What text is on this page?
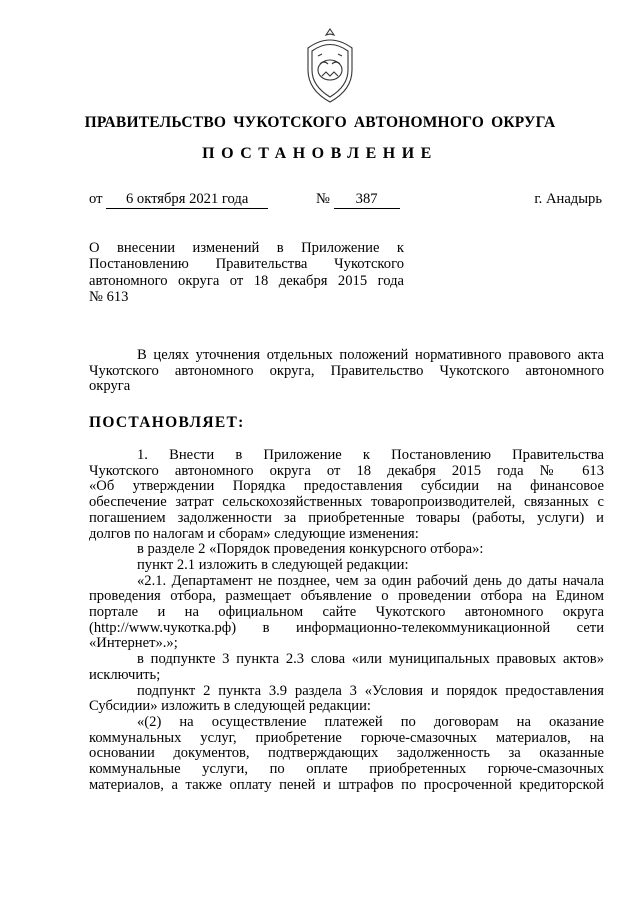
ПРАВИТЕЛЬСТВО ЧУКОТСКОГО АВТОНОМНОГО ОКРУГА
ПОСТАНОВЛЕНИЕ
от 6 октября 2021 года	№ 387	г. Анадырь
О внесении изменений в Приложение к
Постановлению Правительства Чукотского
автономного округа от 18 декабря 2015 года
№ 613

В целях уточнения отдельных положений нормативного правового акта

Чукотского автономного округа, Правительство Чукотского автономного

округа

ПОСТАНОВЛЯЕТ:

1. Внести в Приложение к Постановлению Правительства

Чукотского автономного округа от 18 декабря 2015 года № 613

«Об утверждении Порядка предоставления субсидии на финансовое

обеспечение затрат сельскохозяйственных товаропроизводителей, связанных с

погашением задолженности за приобретенные товары (работы, услуги) и

долгов по налогам и сборам» следующие изменения:

в разделе 2 «Порядок проведения конкурсного отбора»:

пункт 2.1 изложить в следующей редакции:

«2.1. Департамент не позднее, чем за один рабочий день до даты начала

проведения отбора, размещает объявление о проведении отбора на Едином

портале и на официальном сайте Чукотского автономного округа

(http://www.чукотка.рф) в информационно-телекоммуникационной сети

«Интернет».»;

в подпункте 3 пункта 2.3 слова «или муниципальных правовых актов»

исключить;

подпункт 2 пункта 3.9 раздела 3 «Условия и порядок предоставления

Субсидии» изложить в следующей редакции:

«(2) на осуществление платежей по договорам на оказание

коммунальных услуг, приобретение горюче-смазочных материалов, на

основании документов, подтверждающих задолженность за оказанные

коммунальные услуги, по оплате приобретенных горюче-смазочных

материалов, а также оплату пеней и штрафов по просроченной кредиторской
